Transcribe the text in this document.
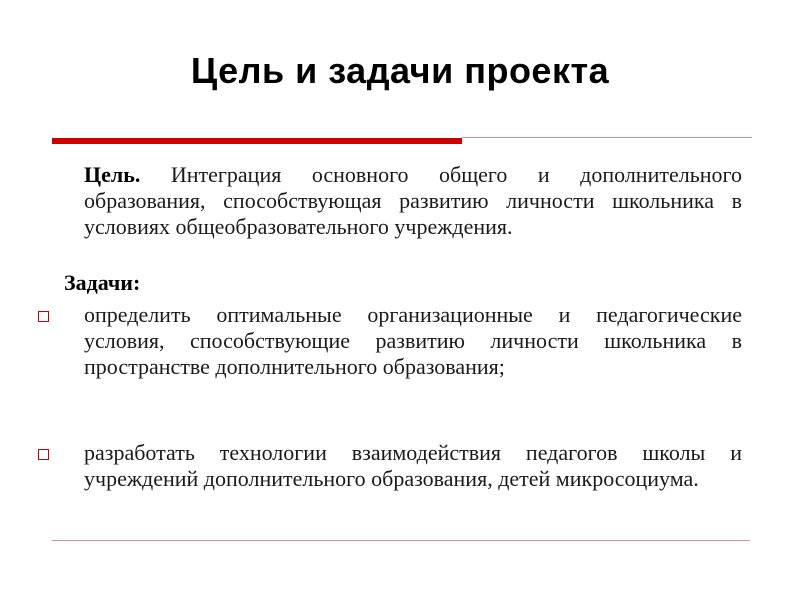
Цель и задачи проекта

Цель. Интеграция основного общего и дополнительного образования, способствующая развитию личности школьника в условиях общеобразовательного учреждения.

Задачи:

определить оптимальные организационные и педагогические условия, способствующие развитию личности школьника в пространстве дополнительного образования;

разработать технологии взаимодействия педагогов школы и учреждений дополнительного образования, детей микросоциума.
